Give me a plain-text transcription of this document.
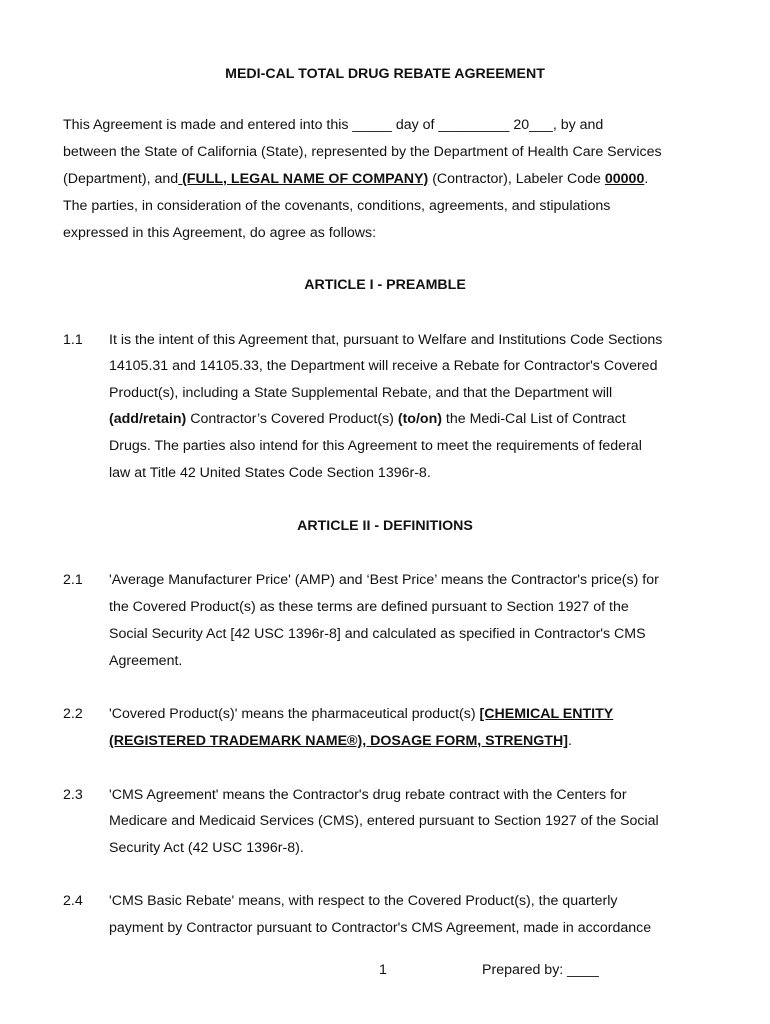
MEDI-CAL TOTAL DRUG REBATE AGREEMENT
This Agreement is made and entered into this _____ day of _________ 20___, by and
between the State of California (State), represented by the Department of Health Care Services
(Department), and (FULL, LEGAL NAME OF COMPANY) (Contractor), Labeler Code 00000.
The parties, in consideration of the covenants, conditions, agreements, and stipulations
expressed in this Agreement, do agree as follows:
ARTICLE I - PREAMBLE
1.1 It is the intent of this Agreement that, pursuant to Welfare and Institutions Code Sections
14105.31 and 14105.33, the Department will receive a Rebate for Contractor's Covered
Product(s), including a State Supplemental Rebate, and that the Department will
(add/retain) Contractor’s Covered Product(s) (to/on) the Medi-Cal List of Contract
Drugs. The parties also intend for this Agreement to meet the requirements of federal
law at Title 42 United States Code Section 1396r-8.
ARTICLE II - DEFINITIONS
2.1 'Average Manufacturer Price' (AMP) and ‘Best Price’ means the Contractor's price(s) for
the Covered Product(s) as these terms are defined pursuant to Section 1927 of the
Social Security Act [42 USC 1396r-8] and calculated as specified in Contractor's CMS
Agreement.
2.2 'Covered Product(s)' means the pharmaceutical product(s) [CHEMICAL ENTITY
(REGISTERED TRADEMARK NAME®), DOSAGE FORM, STRENGTH].
2.3 'CMS Agreement' means the Contractor's drug rebate contract with the Centers for
Medicare and Medicaid Services (CMS), entered pursuant to Section 1927 of the Social
Security Act (42 USC 1396r-8).
2.4 'CMS Basic Rebate' means, with respect to the Covered Product(s), the quarterly
payment by Contractor pursuant to Contractor's CMS Agreement, made in accordance
1	Prepared by: ____
